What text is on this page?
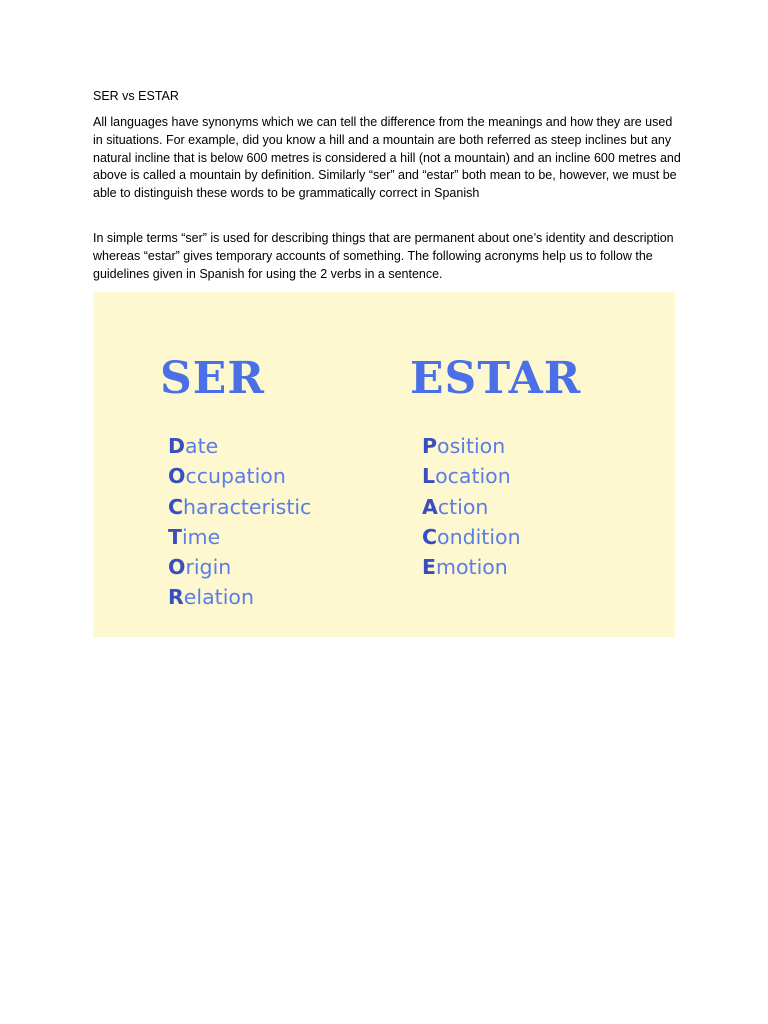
SER vs ESTAR

All languages have synonyms which we can tell the difference from the meanings and how they are used in situations. For example, did you know a hill and a mountain are both referred as steep inclines but any natural incline that is below 600 metres is considered a hill (not a mountain) and an incline 600 metres and above is called a mountain by definition. Similarly “ser” and “estar” both mean to be, however, we must be able to distinguish these words to be grammatically correct in Spanish

In simple terms “ser” is used for describing things that are permanent about one’s identity and description whereas “estar” gives temporary accounts of something. The following acronyms help us to follow the guidelines given in Spanish for using the 2 verbs in a sentence.

SER	ESTAR
Date
Occupation
Characteristic
Time
Origin
Relation
Position
Location
Action
Condition
Emotion
